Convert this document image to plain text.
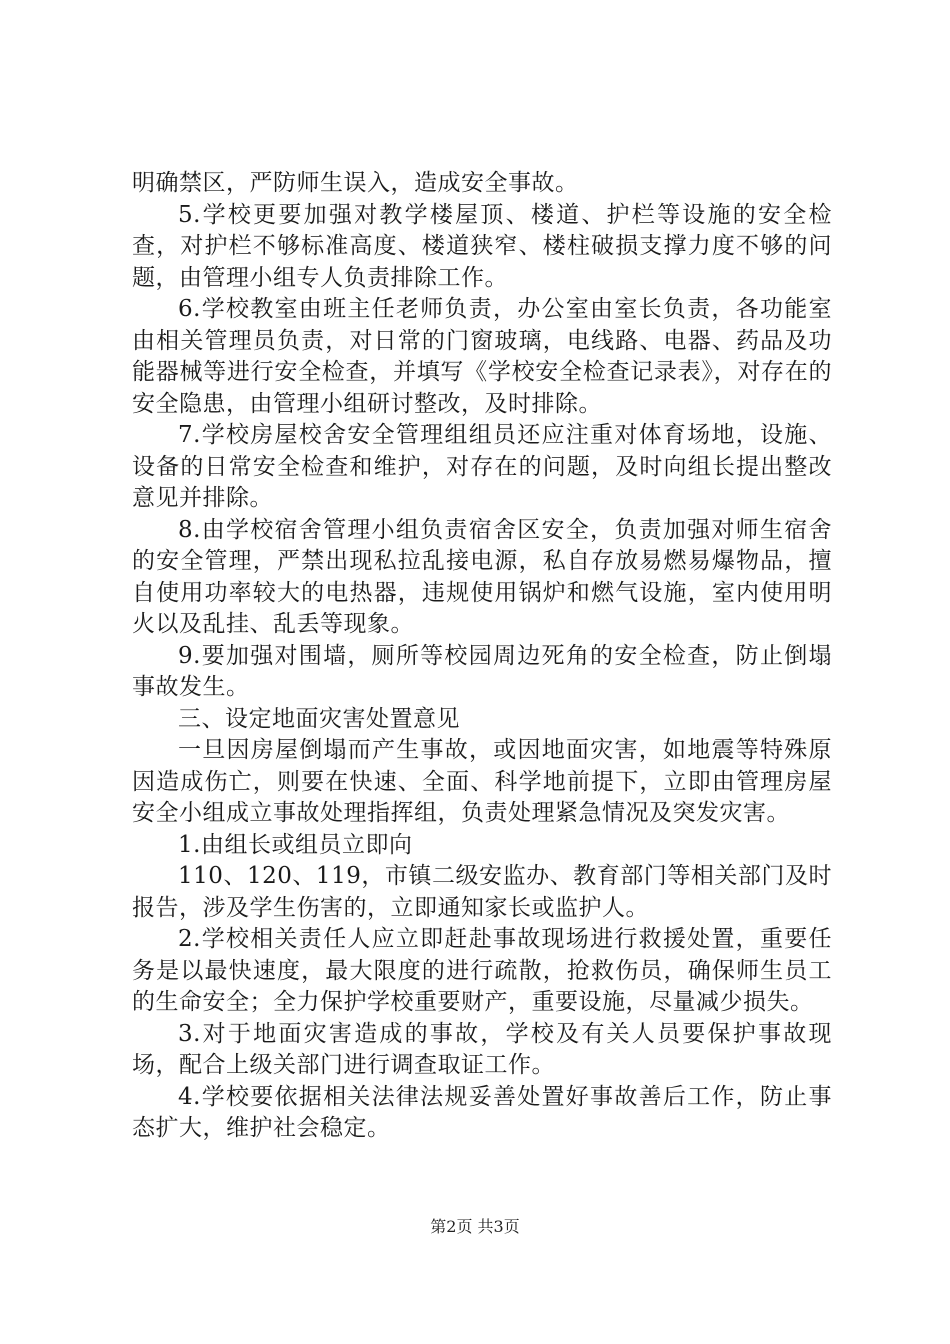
明确禁区，严防师生误入，造成安全事故。

5.学校更要加强对教学楼屋顶、楼道、护栏等设施的安全检查，对护栏不够标准高度、楼道狭窄、楼柱破损支撑力度不够的问题，由管理小组专人负责排除工作。

6.学校教室由班主任老师负责，办公室由室长负责，各功能室由相关管理员负责，对日常的门窗玻璃，电线路、电器、药品及功能器械等进行安全检查，并填写《学校安全检查记录表》，对存在的安全隐患，由管理小组研讨整改，及时排除。

7.学校房屋校舍安全管理组组员还应注重对体育场地，设施、设备的日常安全检查和维护，对存在的问题，及时向组长提出整改意见并排除。

8.由学校宿舍管理小组负责宿舍区安全，负责加强对师生宿舍的安全管理，严禁出现私拉乱接电源，私自存放易燃易爆物品，擅自使用功率较大的电热器，违规使用锅炉和燃气设施，室内使用明火以及乱挂、乱丢等现象。

9.要加强对围墙，厕所等校园周边死角的安全检查，防止倒塌事故发生。

三、设定地面灾害处置意见

一旦因房屋倒塌而产生事故，或因地面灾害，如地震等特殊原因造成伤亡，则要在快速、全面、科学地前提下，立即由管理房屋安全小组成立事故处理指挥组，负责处理紧急情况及突发灾害。

1.由组长或组员立即向

110、120、119，市镇二级安监办、教育部门等相关部门及时报告，涉及学生伤害的，立即通知家长或监护人。

2.学校相关责任人应立即赶赴事故现场进行救援处置，重要任务是以最快速度，最大限度的进行疏散，抢救伤员，确保师生员工的生命安全；全力保护学校重要财产，重要设施，尽量减少损失。

3.对于地面灾害造成的事故，学校及有关人员要保护事故现场，配合上级关部门进行调查取证工作。

4.学校要依据相关法律法规妥善处置好事故善后工作，防止事态扩大，维护社会稳定。

第2页 共3页
